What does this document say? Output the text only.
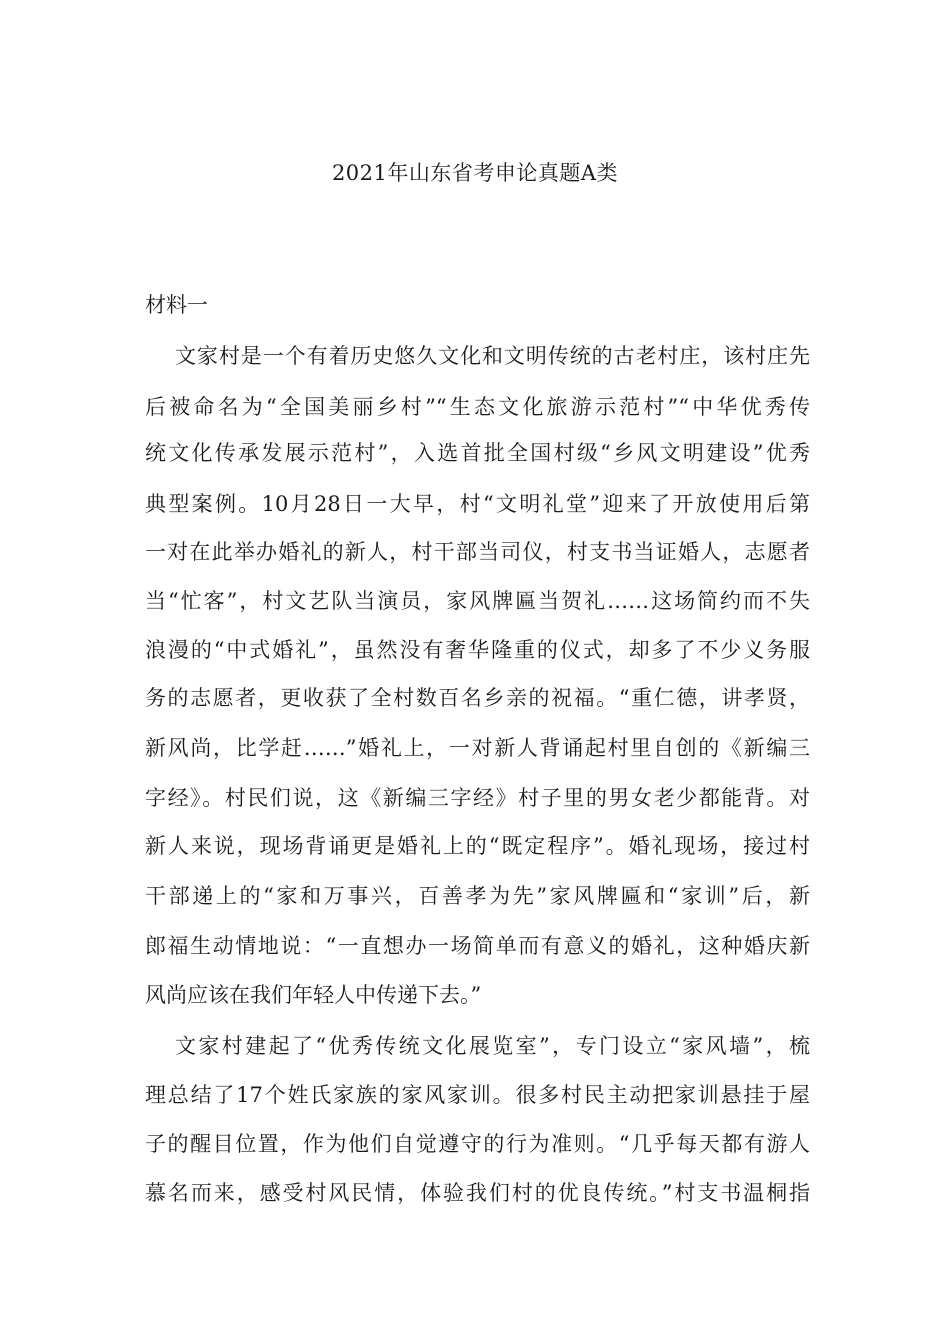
2021年山东省考申论真题A类
材料一
文家村是一个有着历史悠久文化和文明传统的古老村庄，该村庄先
后被命名为“全国美丽乡村”“生态文化旅游示范村”“中华优秀传
统文化传承发展示范村”，入选首批全国村级“乡风文明建设”优秀
典型案例。10月28日一大早，村“文明礼堂”迎来了开放使用后第
一对在此举办婚礼的新人，村干部当司仪，村支书当证婚人，志愿者
当“忙客”，村文艺队当演员，家风牌匾当贺礼……这场简约而不失
浪漫的“中式婚礼”，虽然没有奢华隆重的仪式，却多了不少义务服
务的志愿者，更收获了全村数百名乡亲的祝福。“重仁德，讲孝贤，
新风尚，比学赶……”婚礼上，一对新人背诵起村里自创的《新编三
字经》。村民们说，这《新编三字经》村子里的男女老少都能背。对
新人来说，现场背诵更是婚礼上的“既定程序”。婚礼现场，接过村
干部递上的“家和万事兴，百善孝为先”家风牌匾和“家训”后，新
郎福生动情地说：“一直想办一场简单而有意义的婚礼，这种婚庆新
风尚应该在我们年轻人中传递下去。”
文家村建起了“优秀传统文化展览室”，专门设立“家风墙”，梳
理总结了17个姓氏家族的家风家训。很多村民主动把家训悬挂于屋
子的醒目位置，作为他们自觉遵守的行为准则。“几乎每天都有游人
慕名而来，感受村风民情，体验我们村的优良传统。”村支书温桐指
